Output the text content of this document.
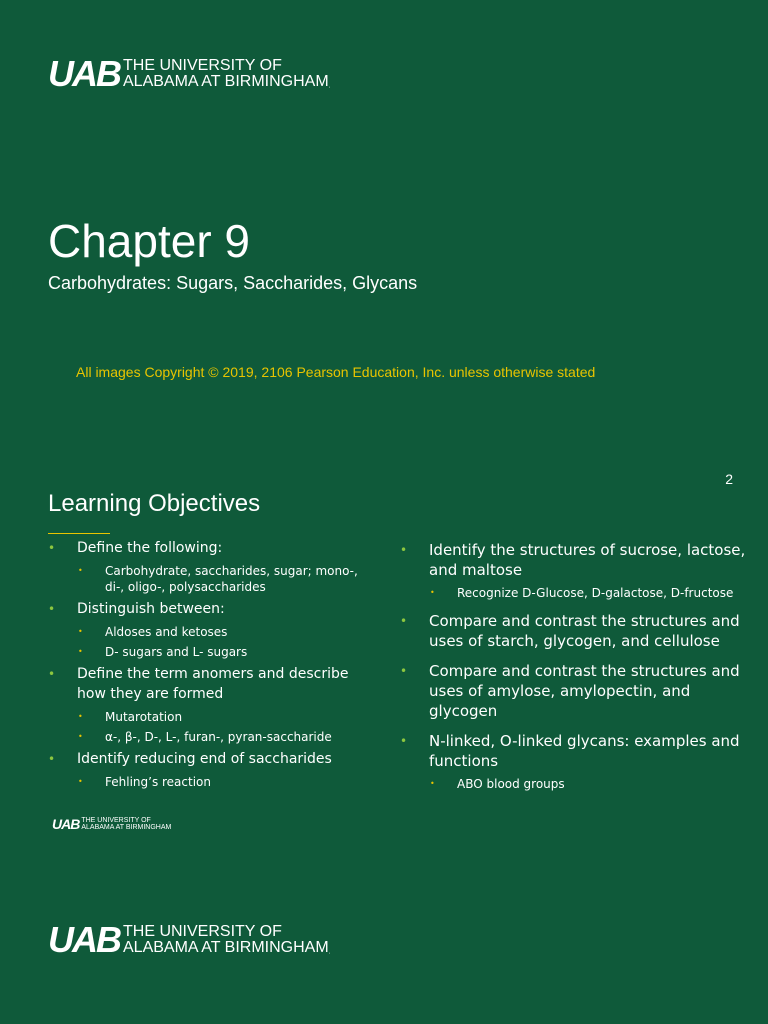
UAB THE UNIVERSITY OF
ALABAMA AT BIRMINGHAM.
Chapter 9
Carbohydrates: Sugars, Saccharides, Glycans
All images Copyright © 2019, 2106 Pearson Education, Inc. unless otherwise stated
2
Learning Objectives
• Define the following:
• Carbohydrate, saccharides, sugar; mono-, di-, oligo-, polysaccharides
• Distinguish between:
• Aldoses and ketoses
• D- sugars and L- sugars
• Define the term anomers and describe how they are formed
• Mutarotation
• α-, β-, D-, L-, furan-, pyran-saccharide
• Identify reducing end of saccharides
• Fehling’s reaction
• Identify the structures of sucrose, lactose, and maltose
• Recognize D-Glucose, D-galactose, D-fructose
• Compare and contrast the structures and uses of starch, glycogen, and cellulose
• Compare and contrast the structures and uses of amylose, amylopectin, and glycogen
• N-linked, O-linked glycans: examples and functions
• ABO blood groups
UAB THE UNIVERSITY OF
ALABAMA AT BIRMINGHAM
UAB THE UNIVERSITY OF
ALABAMA AT BIRMINGHAM.
